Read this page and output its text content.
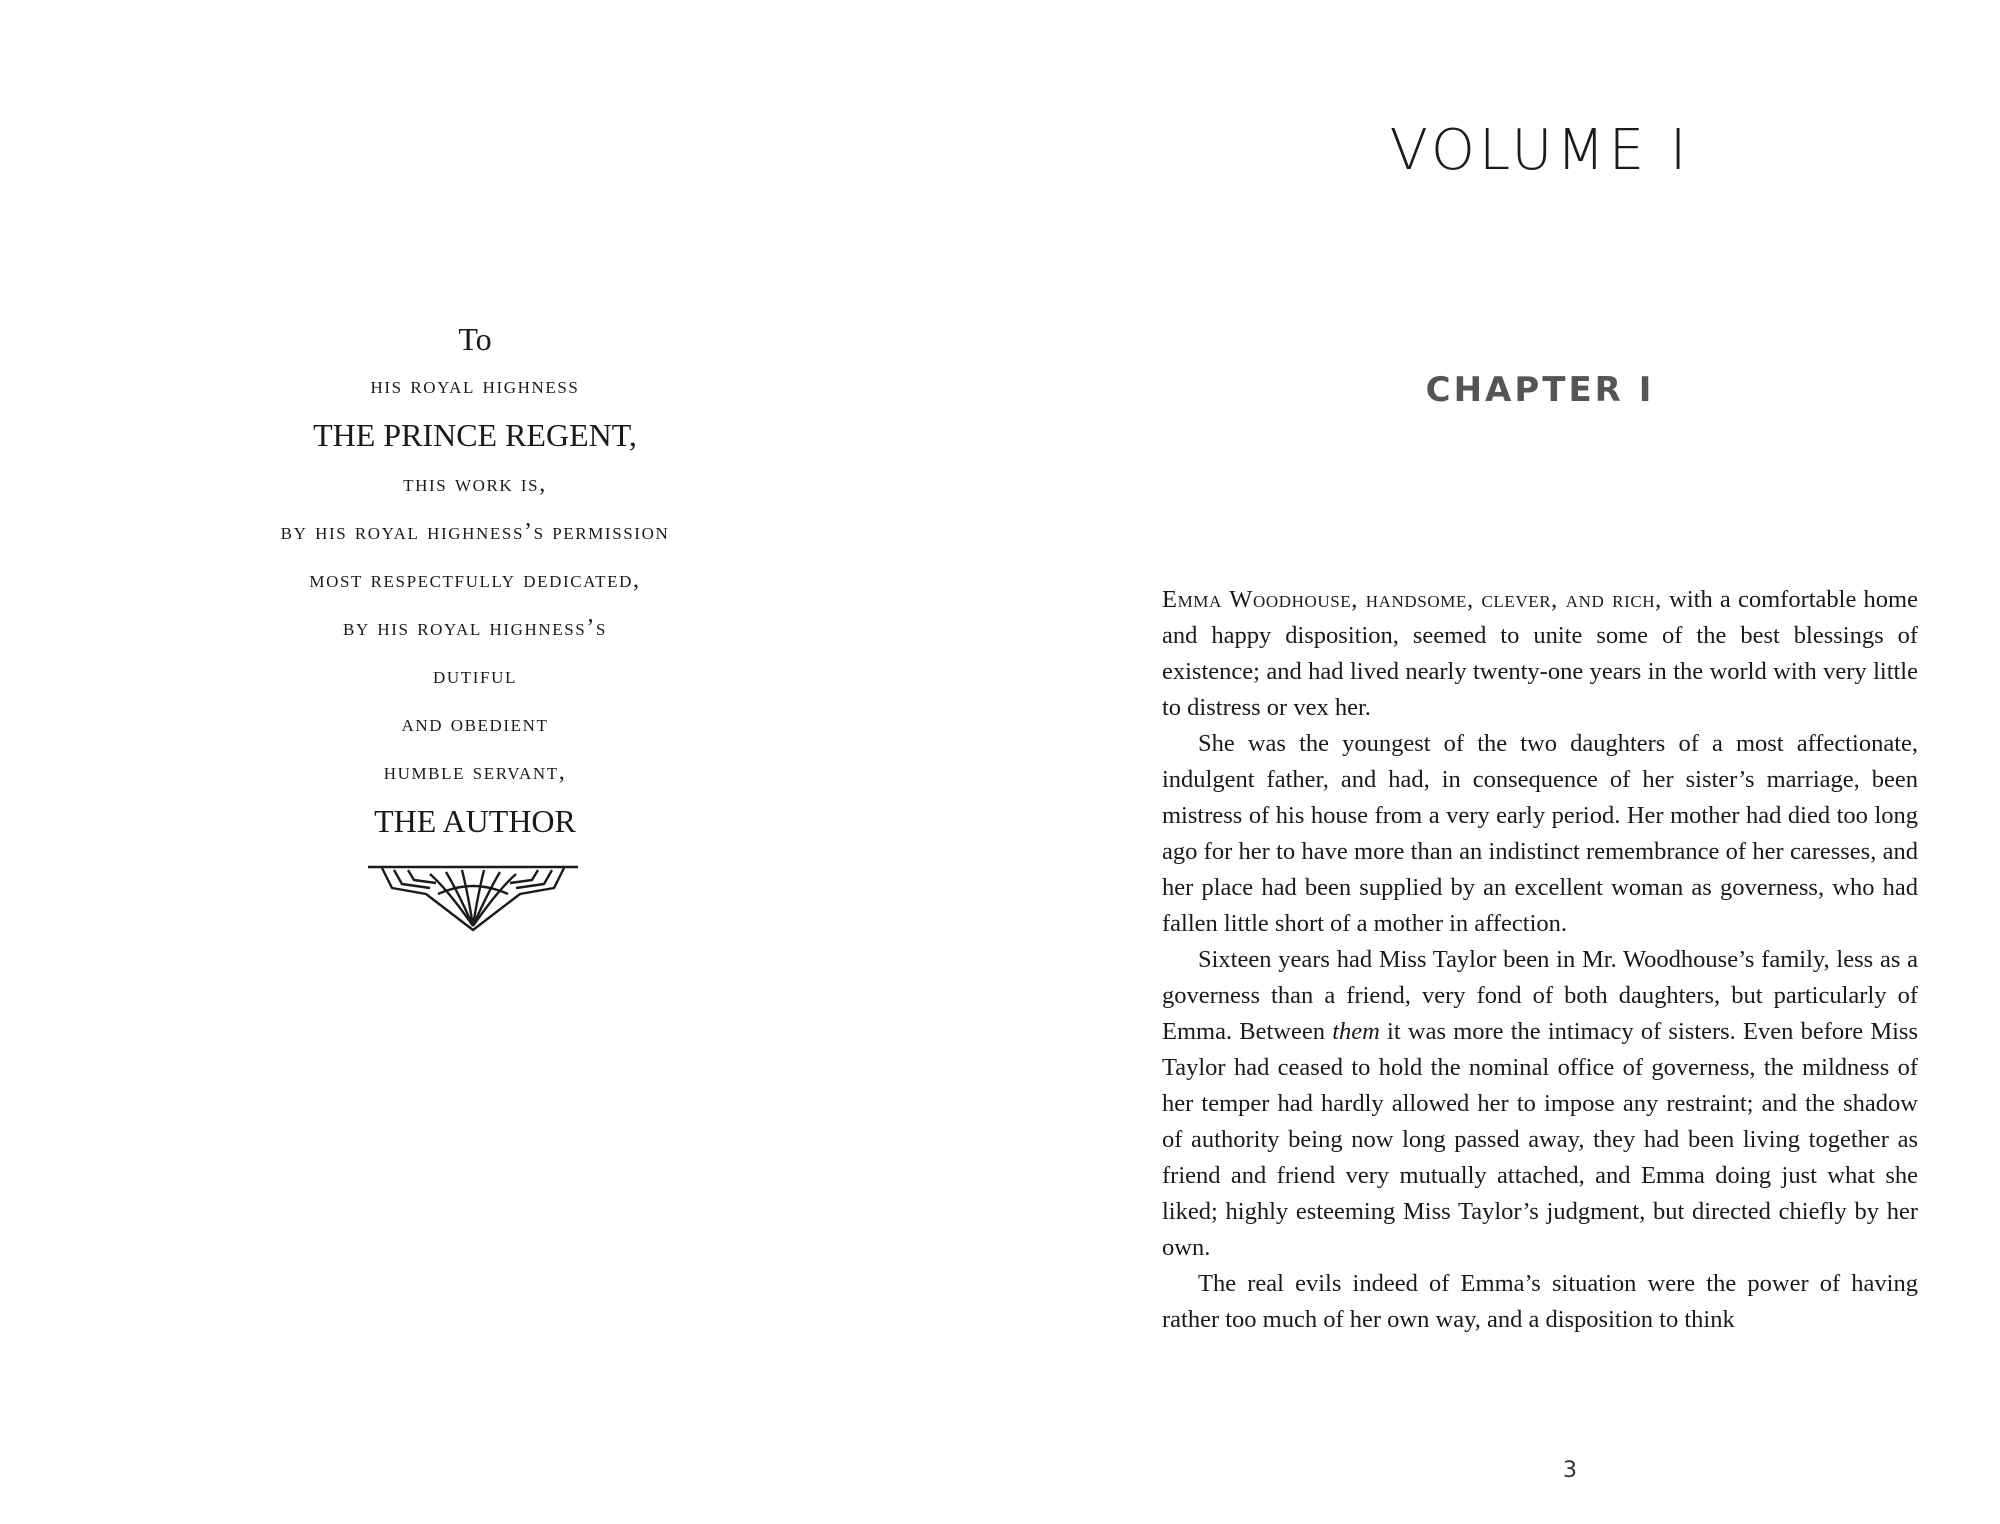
To
his royal highness
THE PRINCE REGENT,
this work is,
by his royal highness’s permission
most respectfully dedicated,
by his royal highness’s
dutiful
and obedient
humble servant,
THE AUTHOR
VOLUME I
CHAPTER I

Emma Woodhouse, handsome, clever, and rich, with a comfortable home and happy disposition, seemed to unite some of the best blessings of existence; and had lived nearly twenty-one years in the world with very little to distress or vex her.

She was the youngest of the two daughters of a most affectionate, indulgent father, and had, in consequence of her sister’s marriage, been mistress of his house from a very early period. Her mother had died too long ago for her to have more than an indistinct remembrance of her caresses, and her place had been supplied by an excellent woman as governess, who had fallen little short of a mother in affection.

Sixteen years had Miss Taylor been in Mr. Woodhouse’s family, less as a governess than a friend, very fond of both daughters, but particularly of Emma. Between them it was more the intimacy of sisters. Even before Miss Taylor had ceased to hold the nominal office of governess, the mildness of her temper had hardly allowed her to impose any restraint; and the shadow of authority being now long passed away, they had been living together as friend and friend very mutually attached, and Emma doing just what she liked; highly esteeming Miss Taylor’s judgment, but directed chiefly by her own.

The real evils indeed of Emma’s situation were the power of having rather too much of her own way, and a disposition to think

3
